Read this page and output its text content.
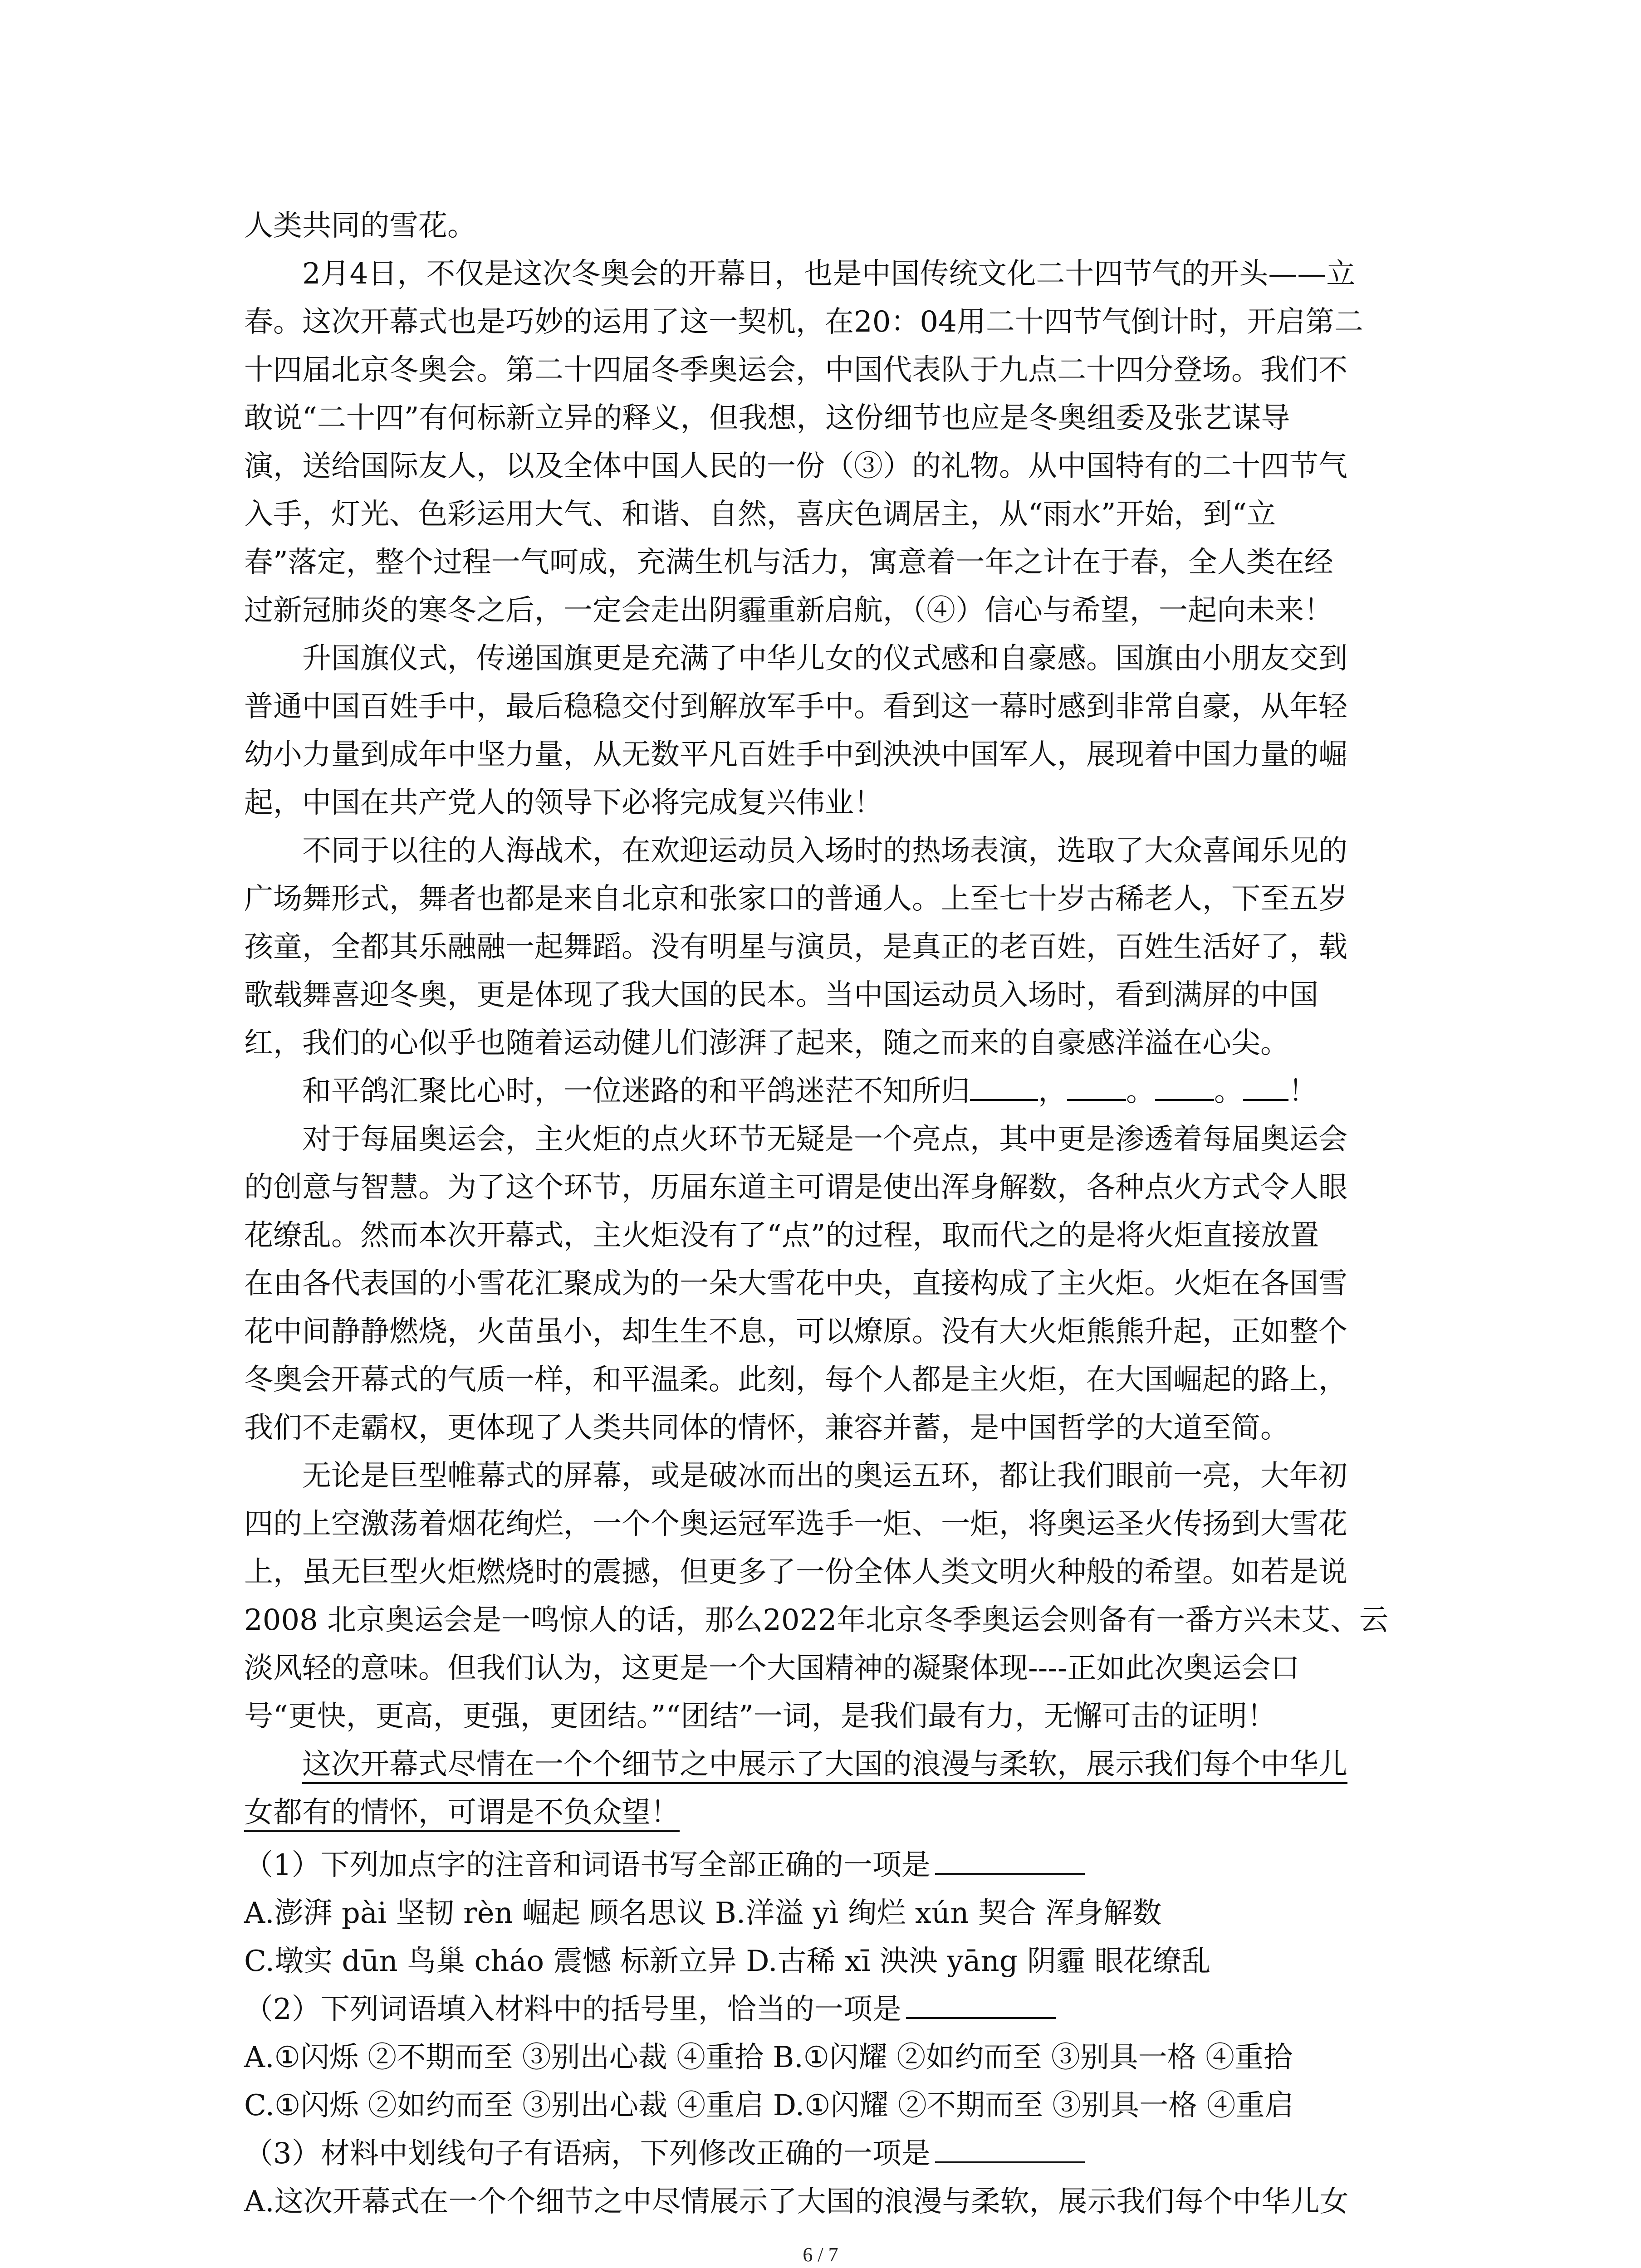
人类共同的雪花。
2月4日，不仅是这次冬奥会的开幕日，也是中国传统文化二十四节气的开头——立
春。这次开幕式也是巧妙的运用了这一契机，在20：04用二十四节气倒计时，开启第二
十四届北京冬奥会。第二十四届冬季奥运会，中国代表队于九点二十四分登场。我们不
敢说“二十四”有何标新立异的释义，但我想，这份细节也应是冬奥组委及张艺谋导
演，送给国际友人，以及全体中国人民的一份（③）的礼物。从中国特有的二十四节气
入手，灯光、色彩运用大气、和谐、自然，喜庆色调居主，从“雨水”开始，到“立
春”落定，整个过程一气呵成，充满生机与活力，寓意着一年之计在于春，全人类在经
过新冠肺炎的寒冬之后，一定会走出阴霾重新启航，（④）信心与希望，一起向未来！
升国旗仪式，传递国旗更是充满了中华儿女的仪式感和自豪感。国旗由小朋友交到
普通中国百姓手中，最后稳稳交付到解放军手中。看到这一幕时感到非常自豪，从年轻
幼小力量到成年中坚力量，从无数平凡百姓手中到泱泱中国军人，展现着中国力量的崛
起，中国在共产党人的领导下必将完成复兴伟业！
不同于以往的人海战术，在欢迎运动员入场时的热场表演，选取了大众喜闻乐见的
广场舞形式，舞者也都是来自北京和张家口的普通人。上至七十岁古稀老人，下至五岁
孩童，全都其乐融融一起舞蹈。没有明星与演员，是真正的老百姓，百姓生活好了，载
歌载舞喜迎冬奥，更是体现了我大国的民本。当中国运动员入场时，看到满屏的中国
红，我们的心似乎也随着运动健儿们澎湃了起来，随之而来的自豪感洋溢在心尖。
和平鸽汇聚比心时，一位迷路的和平鸽迷茫不知所归 ， 。 。 ！
对于每届奥运会，主火炬的点火环节无疑是一个亮点，其中更是渗透着每届奥运会
的创意与智慧。为了这个环节，历届东道主可谓是使出浑身解数，各种点火方式令人眼
花缭乱。然而本次开幕式，主火炬没有了“点”的过程，取而代之的是将火炬直接放置
在由各代表国的小雪花汇聚成为的一朵大雪花中央，直接构成了主火炬。火炬在各国雪
花中间静静燃烧，火苗虽小，却生生不息，可以燎原。没有大火炬熊熊升起，正如整个
冬奥会开幕式的气质一样，和平温柔。此刻，每个人都是主火炬，在大国崛起的路上，
我们不走霸权，更体现了人类共同体的情怀，兼容并蓄，是中国哲学的大道至简。
无论是巨型帷幕式的屏幕，或是破冰而出的奥运五环，都让我们眼前一亮，大年初
四的上空激荡着烟花绚烂，一个个奥运冠军选手一炬、一炬，将奥运圣火传扬到大雪花
上，虽无巨型火炬燃烧时的震撼，但更多了一份全体人类文明火种般的希望。如若是说
2008 北京奥运会是一鸣惊人的话，那么2022年北京冬季奥运会则备有一番方兴未艾、云
淡风轻的意味。但我们认为，这更是一个大国精神的凝聚体现----正如此次奥运会口
号“更快，更高，更强，更团结。”“团结”一词，是我们最有力，无懈可击的证明！
这次开幕式尽情在一个个细节之中展示了大国的浪漫与柔软，展示我们每个中华儿
女都有的情怀，可谓是不负众望！
（1）下列加点字的注音和词语书写全部正确的一项是
A.澎湃 pài 坚韧 rèn 崛起 顾名思议 B.洋溢 yì 绚烂 xún 契合 浑身解数
C.墩实 dūn 鸟巢 cháo 震憾 标新立异 D.古稀 xī 泱泱 yāng 阴霾 眼花缭乱
（2）下列词语填入材料中的括号里，恰当的一项是
A.①闪烁 ②不期而至 ③别出心裁 ④重拾 B.①闪耀 ②如约而至 ③别具一格 ④重拾
C.①闪烁 ②如约而至 ③别出心裁 ④重启 D.①闪耀 ②不期而至 ③别具一格 ④重启
（3）材料中划线句子有语病，下列修改正确的一项是
A.这次开幕式在一个个细节之中尽情展示了大国的浪漫与柔软，展示我们每个中华儿女
6 / 7
